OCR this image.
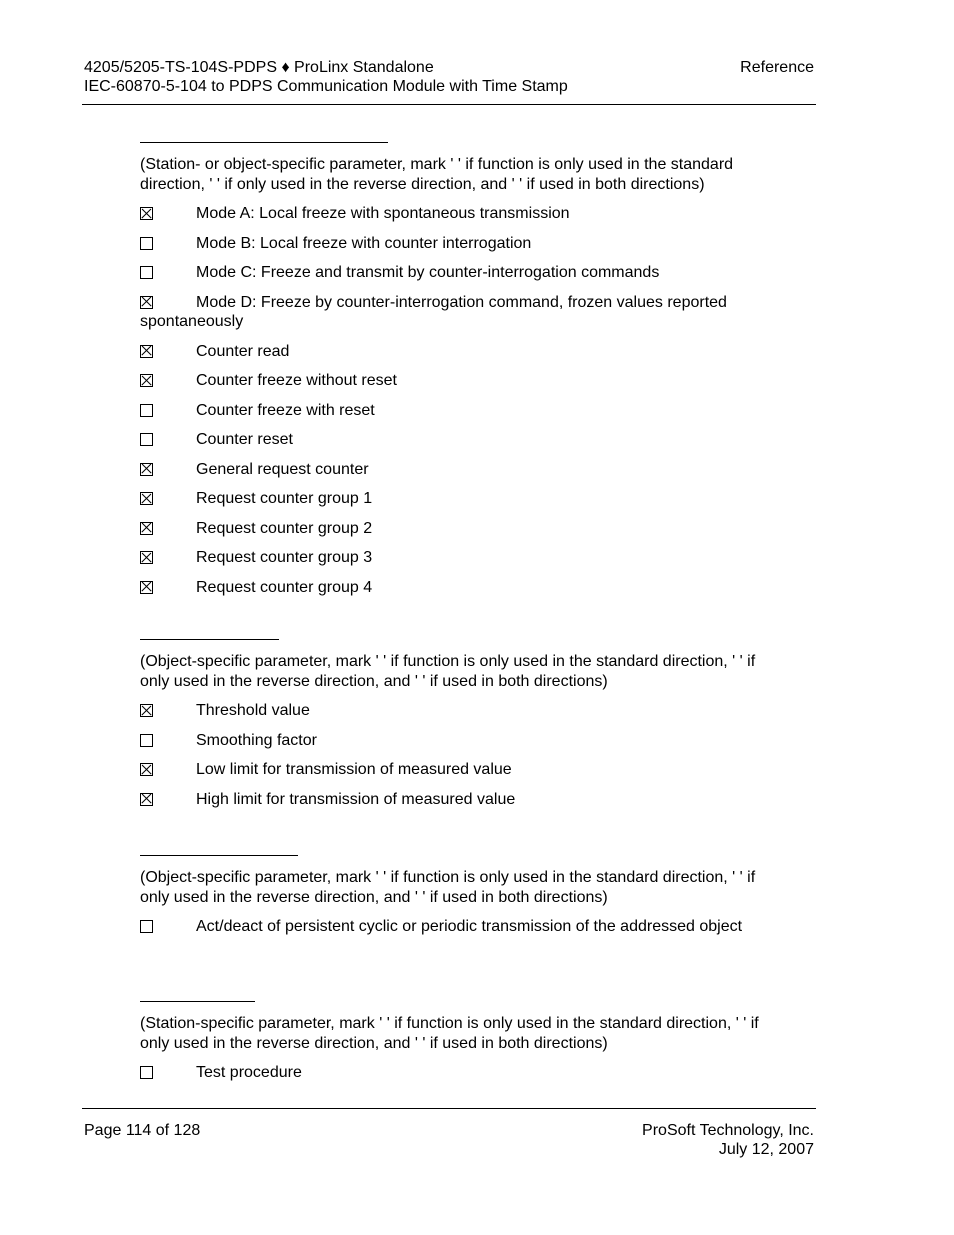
4205/5205-TS-104S-PDPS ♦ ProLinx Standalone
IEC-60870-5-104 to PDPS Communication Module with Time Stamp
Reference

(Station- or object-specific parameter, mark ' ' if function is only used in the standard direction, ' ' if only used in the reverse direction, and ' ' if used in both directions)

Mode A: Local freeze with spontaneous transmission
Mode B: Local freeze with counter interrogation
Mode C: Freeze and transmit by counter-interrogation commands
Mode D: Freeze by counter-interrogation command, frozen values reported spontaneously
Counter read
Counter freeze without reset
Counter freeze with reset
Counter reset
General request counter
Request counter group 1
Request counter group 2
Request counter group 3
Request counter group 4

(Object-specific parameter, mark ' ' if function is only used in the standard direction, ' ' if only used in the reverse direction, and ' ' if used in both directions)

Threshold value
Smoothing factor
Low limit for transmission of measured value
High limit for transmission of measured value

(Object-specific parameter, mark ' ' if function is only used in the standard direction, ' ' if only used in the reverse direction, and ' ' if used in both directions)

Act/deact of persistent cyclic or periodic transmission of the addressed object

(Station-specific parameter, mark ' ' if function is only used in the standard direction, ' ' if only used in the reverse direction, and ' ' if used in both directions)

Test procedure
Page 114 of 128	ProSoft Technology, Inc.
July 12, 2007
